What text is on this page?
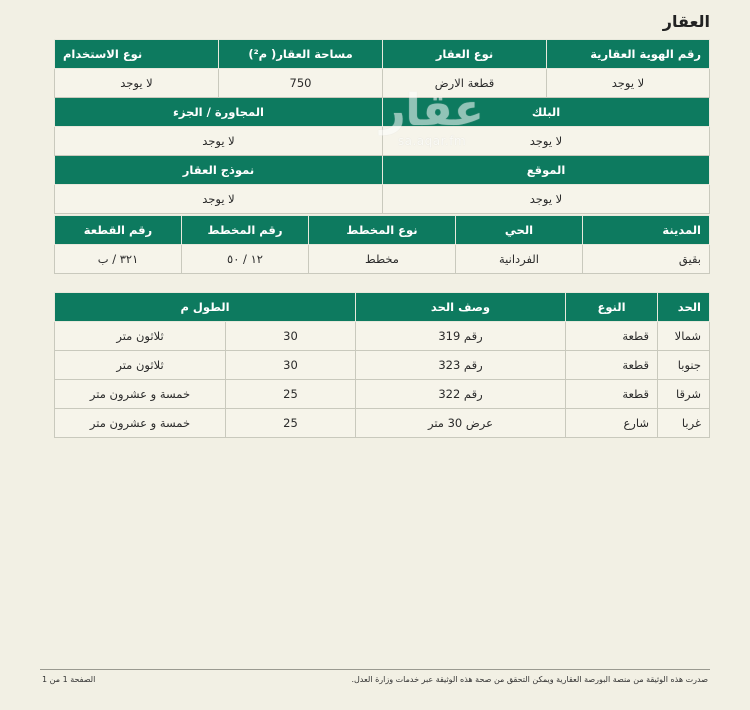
العقار
رقم الهوية العقارية	نوع العقار	مساحة العقار( م²)	نوع الاستخدام
لا يوجد	قطعة الارض	750	لا يوجد
البلك		المجاورة / الجزء	
لا يوجد		لا يوجد	
الموقع		نموذج العقار	
لا يوجد		لا يوجد	
المدينة	الحي	نوع المخطط	رقم المخطط	رقم القطعة
بقيق	الفردانية	مخطط	١٢ / ٥٠	٣٢١ / ب
الحد	النوع	وصف الحد	الطول م	
شمالا	قطعة	رقم 319	30	ثلاثون متر
جنوبا	قطعة	رقم 323	30	ثلاثون متر
شرقا	قطعة	رقم 322	25	خمسة و عشرون متر
غربا	شارع	عرض 30 متر	25	خمسة و عشرون متر
عقار
sa.aqar.fm
صدرت هذه الوثيقة من منصة البورصة العقارية ويمكن التحقق من صحة هذه الوثيقة عبر خدمات وزارة العدل.
الصفحة 1 من 1
